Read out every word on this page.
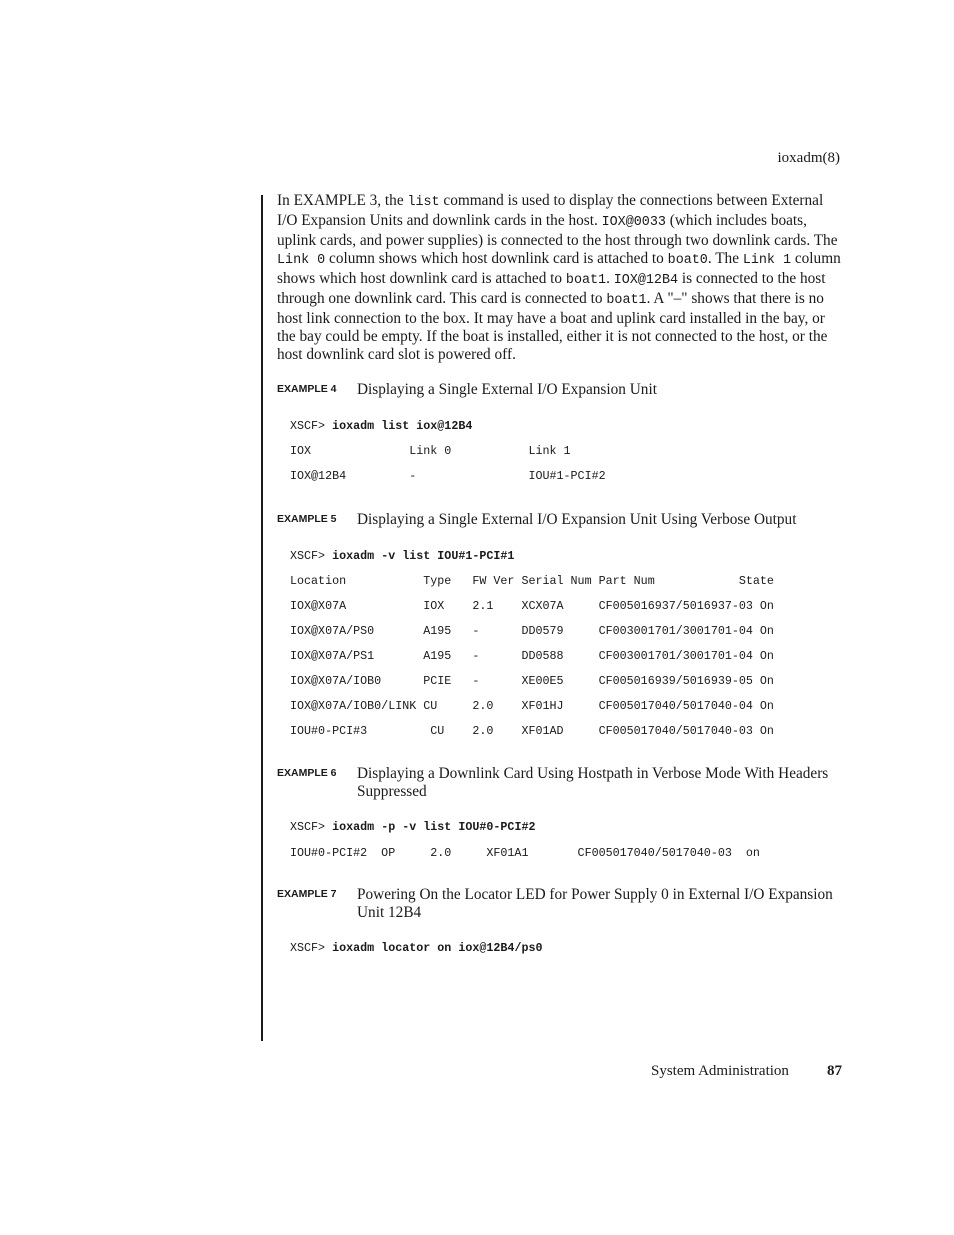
ioxadm(8)

In EXAMPLE 3, the list command is used to display the connections between External I/O Expansion Units and downlink cards in the host. IOX@0033 (which includes boats, uplink cards, and power supplies) is connected to the host through two downlink cards. The Link 0 column shows which host downlink card is attached to boat0. The Link 1 column shows which host downlink card is attached to boat1. IOX@12B4 is connected to the host through one downlink card. This card is connected to boat1. A "–" shows that there is no host link connection to the box. It may have a boat and uplink card installed in the bay, or the bay could be empty. If the boat is installed, either it is not connected to the host, or the host downlink card slot is powered off.

EXAMPLE 4 Displaying a Single External I/O Expansion Unit
XSCF> ioxadm list iox@12B4
IOX              Link 0           Link 1
IOX@12B4         -                IOU#1-PCI#2
EXAMPLE 5 Displaying a Single External I/O Expansion Unit Using Verbose Output
XSCF> ioxadm -v list IOU#1-PCI#1
Location           Type   FW Ver Serial Num Part Num            State
IOX@X07A           IOX    2.1    XCX07A     CF005016937/5016937-03 On
IOX@X07A/PS0       A195   -      DD0579     CF003001701/3001701-04 On
IOX@X07A/PS1       A195   -      DD0588     CF003001701/3001701-04 On
IOX@X07A/IOB0      PCIE   -      XE00E5     CF005016939/5016939-05 On
IOX@X07A/IOB0/LINK CU     2.0    XF01HJ     CF005017040/5017040-04 On
IOU#0-PCI#3         CU    2.0    XF01AD     CF005017040/5017040-03 On
EXAMPLE 6 Displaying a Downlink Card Using Hostpath in Verbose Mode With Headers Suppressed
XSCF> ioxadm -p -v list IOU#0-PCI#2
IOU#0-PCI#2  OP     2.0     XF01A1       CF005017040/5017040-03  on
EXAMPLE 7 Powering On the Locator LED for Power Supply 0 in External I/O Expansion Unit 12B4
XSCF> ioxadm locator on iox@12B4/ps0
System Administration	87
